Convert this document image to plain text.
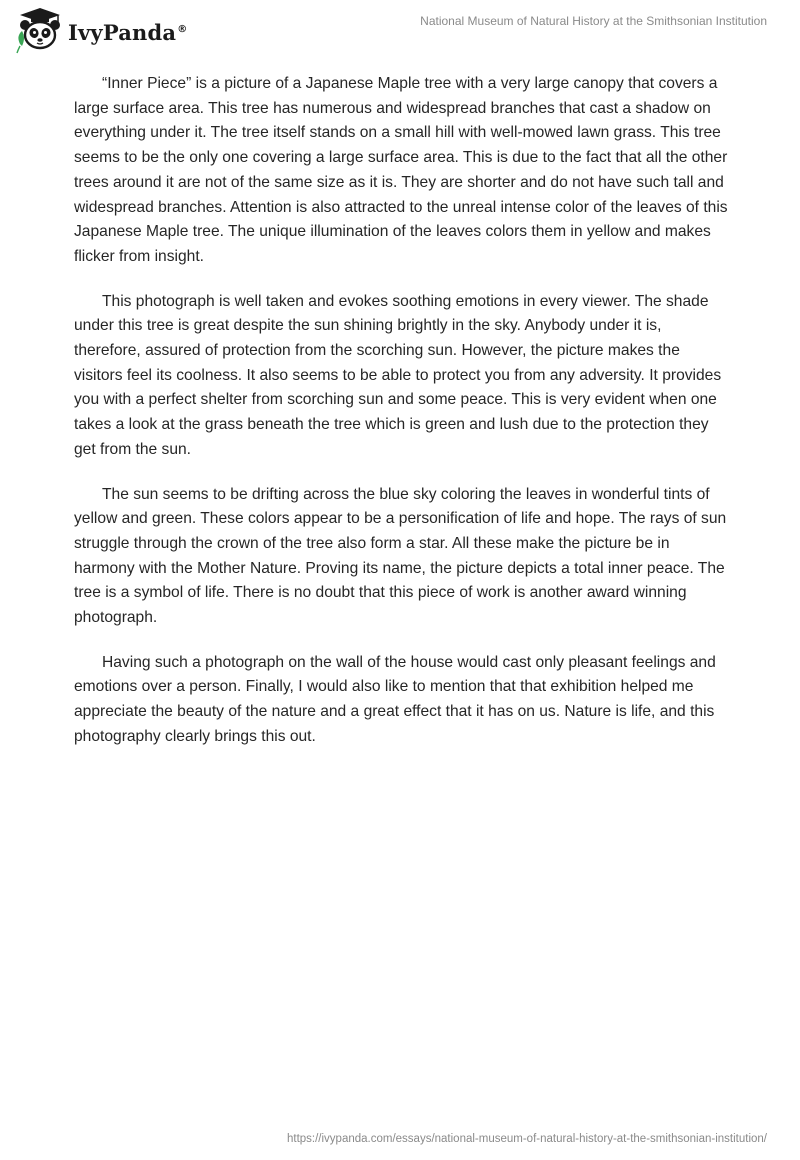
IvyPanda®
National Museum of Natural History at the Smithsonian Institution

“Inner Piece” is a picture of a Japanese Maple tree with a very large canopy that covers a large surface area. This tree has numerous and widespread branches that cast a shadow on everything under it. The tree itself stands on a small hill with well-mowed lawn grass. This tree seems to be the only one covering a large surface area. This is due to the fact that all the other trees around it are not of the same size as it is. They are shorter and do not have such tall and widespread branches. Attention is also attracted to the unreal intense color of the leaves of this Japanese Maple tree. The unique illumination of the leaves colors them in yellow and makes flicker from insight.

This photograph is well taken and evokes soothing emotions in every viewer. The shade under this tree is great despite the sun shining brightly in the sky. Anybody under it is, therefore, assured of protection from the scorching sun. However, the picture makes the visitors feel its coolness. It also seems to be able to protect you from any adversity. It provides you with a perfect shelter from scorching sun and some peace. This is very evident when one takes a look at the grass beneath the tree which is green and lush due to the protection they get from the sun.

The sun seems to be drifting across the blue sky coloring the leaves in wonderful tints of yellow and green. These colors appear to be a personification of life and hope. The rays of sun struggle through the crown of the tree also form a star. All these make the picture be in harmony with the Mother Nature. Proving its name, the picture depicts a total inner peace. The tree is a symbol of life. There is no doubt that this piece of work is another award winning photograph.

Having such a photograph on the wall of the house would cast only pleasant feelings and emotions over a person. Finally, I would also like to mention that that exhibition helped me appreciate the beauty of the nature and a great effect that it has on us. Nature is life, and this photography clearly brings this out.

https://ivypanda.com/essays/national-museum-of-natural-history-at-the-smithsonian-institution/
